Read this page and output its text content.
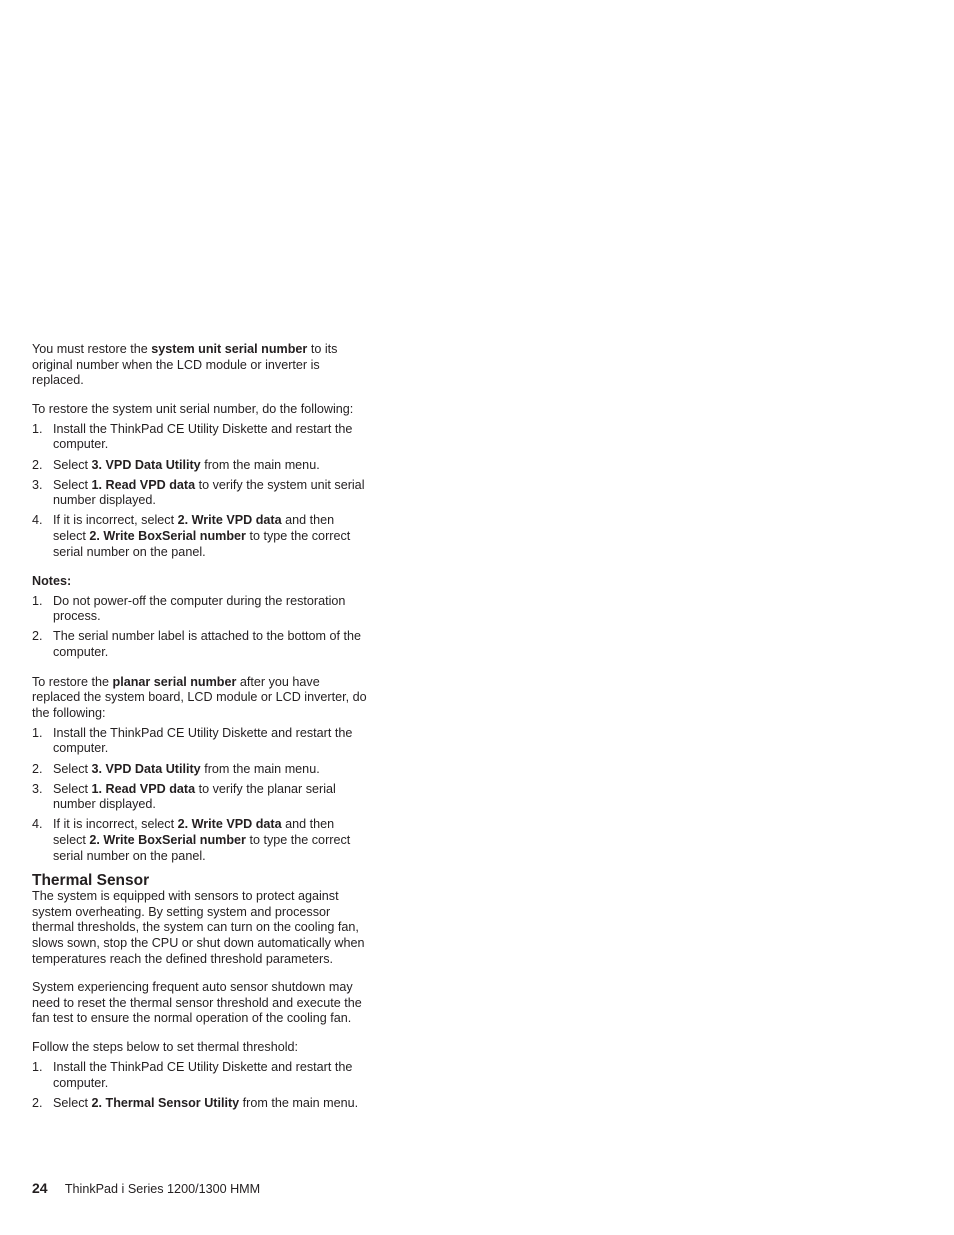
You must restore the system unit serial number to its original number when the LCD module or inverter is replaced.

To restore the system unit serial number, do the following:

1. Install the ThinkPad CE Utility Diskette and restart the computer.
2. Select 3. VPD Data Utility from the main menu.
3. Select 1. Read VPD data to verify the system unit serial number displayed.
4. If it is incorrect, select 2. Write VPD data and then select 2. Write BoxSerial number to type the correct serial number on the panel.

Notes:

1. Do not power-off the computer during the restoration process.
2. The serial number label is attached to the bottom of the computer.

To restore the planar serial number after you have replaced the system board, LCD module or LCD inverter, do the following:

1. Install the ThinkPad CE Utility Diskette and restart the computer.
2. Select 3. VPD Data Utility from the main menu.
3. Select 1. Read VPD data to verify the planar serial number displayed.
4. If it is incorrect, select 2. Write VPD data and then select 2. Write BoxSerial number to type the correct serial number on the panel.
Thermal Sensor

The system is equipped with sensors to protect against system overheating. By setting system and processor thermal thresholds, the system can turn on the cooling fan, slows sown, stop the CPU or shut down automatically when temperatures reach the defined threshold parameters.

System experiencing frequent auto sensor shutdown may need to reset the thermal sensor threshold and execute the fan test to ensure the normal operation of the cooling fan.

Follow the steps below to set thermal threshold:

1. Install the ThinkPad CE Utility Diskette and restart the computer.
2. Select 2. Thermal Sensor Utility from the main menu.
24 ThinkPad i Series 1200/1300 HMM
